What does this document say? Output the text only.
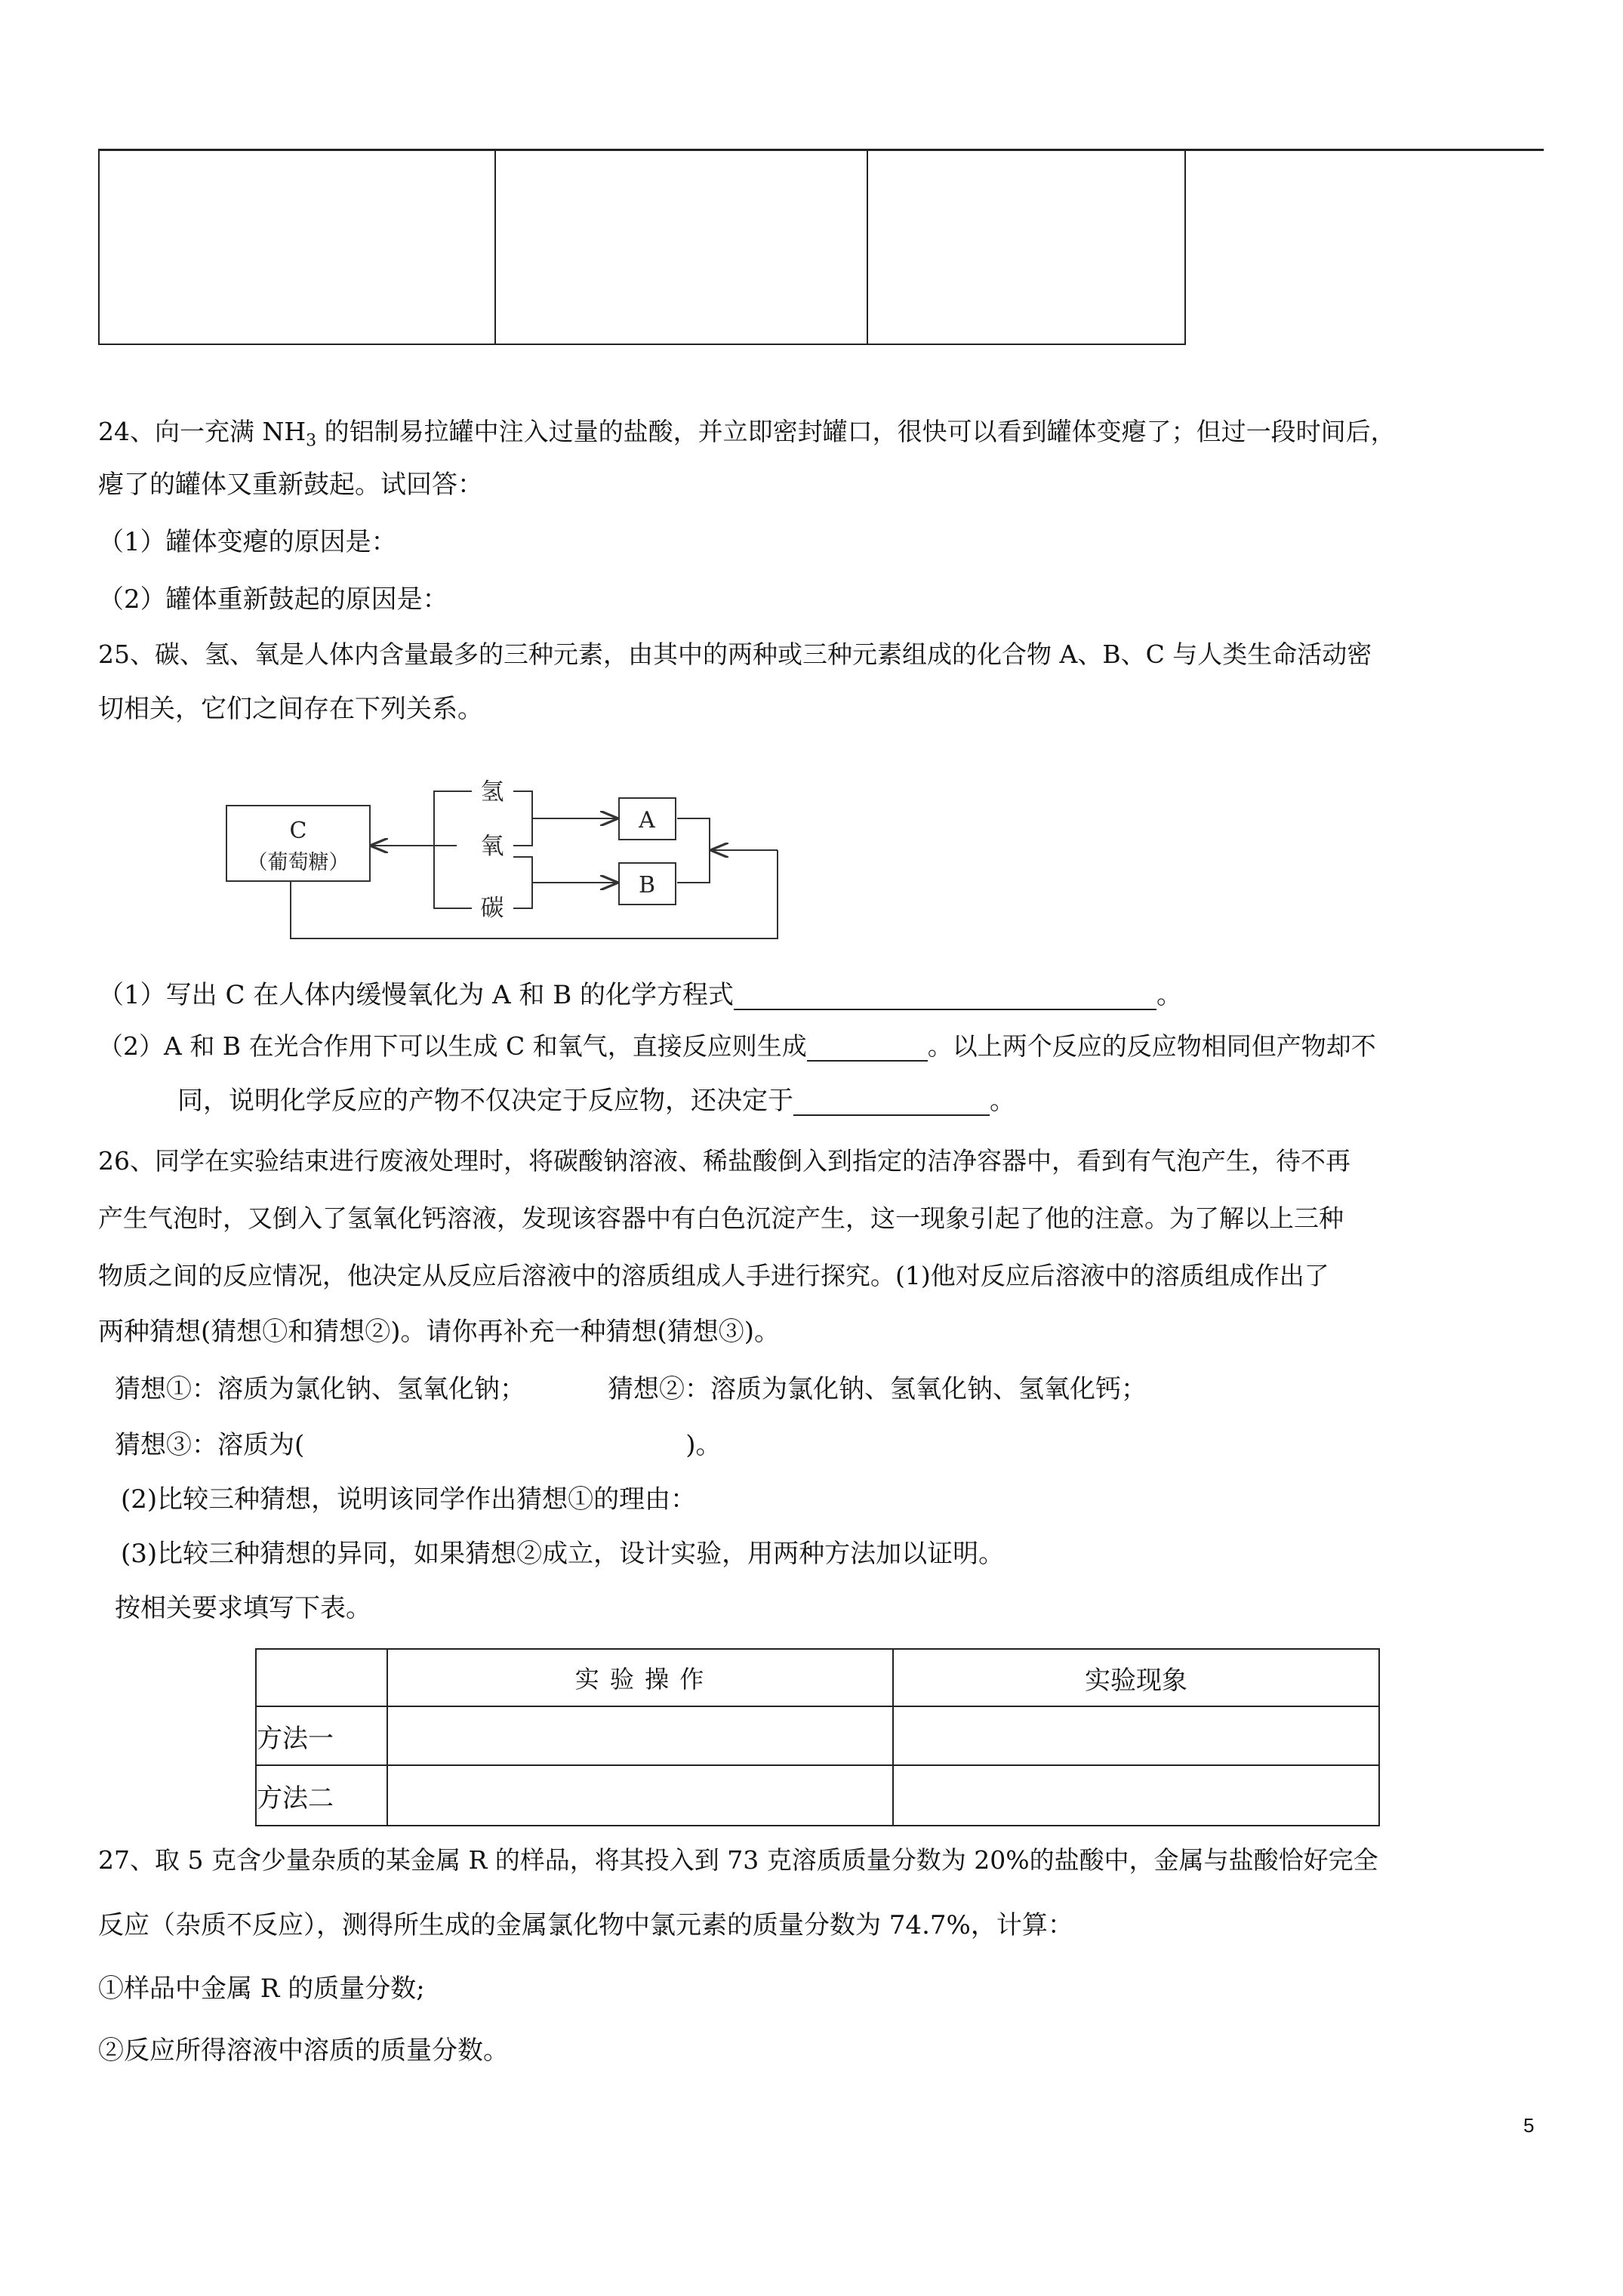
24、向一充满 $NH_3$ 的铝制易拉罐中注入过量的盐酸，并立即密封罐口，很快可以看到罐体变瘪了；但过一段时间后，
瘪了的罐体又重新鼓起。试回答：
（1）罐体变瘪的原因是：
（2）罐体重新鼓起的原因是：
25、碳、氢、氧是人体内含量最多的三种元素，由其中的两种或三种元素组成的化合物 A、B、C 与人类生命活动密
切相关，它们之间存在下列关系。
C
（葡萄糖）
氢
氧
碳
A
B
（1）写出 C 在人体内缓慢氧化为 A 和 B 的化学方程式	。
（2）A 和 B 在光合作用下可以生成 C 和氧气，直接反应则生成	。以上两个反应的反应物相同但产物却不
同，说明化学反应的产物不仅决定于反应物，还决定于	。
26、同学在实验结束进行废液处理时，将碳酸钠溶液、稀盐酸倒入到指定的洁净容器中，看到有气泡产生，待不再
产生气泡时，又倒入了氢氧化钙溶液，发现该容器中有白色沉淀产生，这一现象引起了他的注意。为了解以上三种
物质之间的反应情况，他决定从反应后溶液中的溶质组成人手进行探究。(1)他对反应后溶液中的溶质组成作出了
两种猜想(猜想①和猜想②)。请你再补充一种猜想(猜想③)。
猜想①：溶质为氯化钠、氢氧化钠；	猜想②：溶质为氯化钠、氢氧化钠、氢氧化钙；
猜想③：溶质为(	)。
(2)比较三种猜想，说明该同学作出猜想①的理由：
(3)比较三种猜想的异同，如果猜想②成立，设计实验，用两种方法加以证明。
按相关要求填写下表。
	实 验 操 作	实验现象
方法一		
方法二		
27、取 5 克含少量杂质的某金属 R 的样品，将其投入到 73 克溶质质量分数为 20%的盐酸中，金属与盐酸恰好完全
反应（杂质不反应），测得所生成的金属氯化物中氯元素的质量分数为 74.7%，计算：
①样品中金属 R 的质量分数;
②反应所得溶液中溶质的质量分数。
5
